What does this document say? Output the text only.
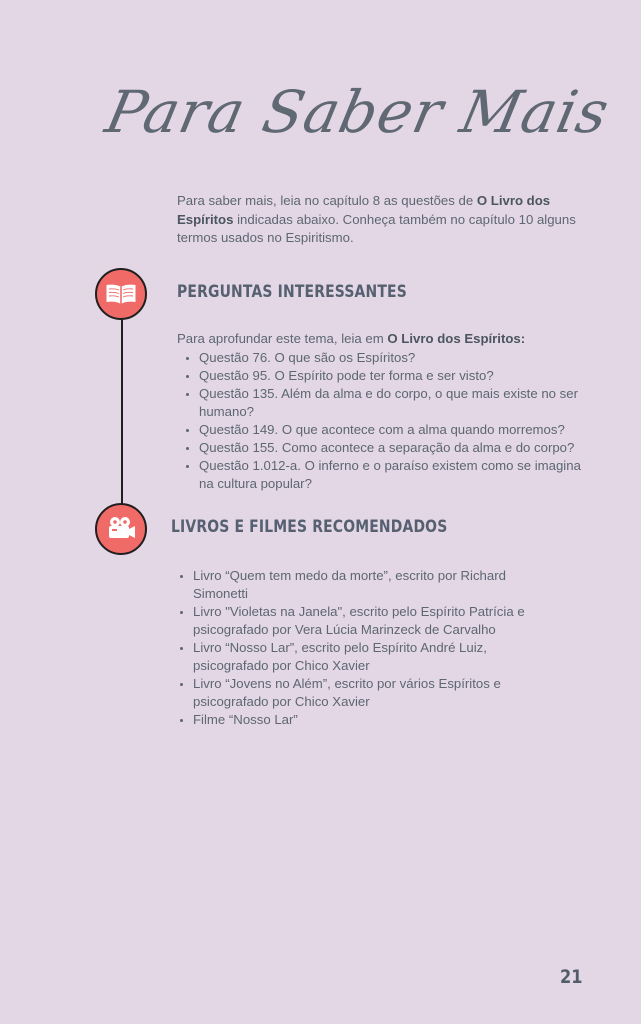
Para Saber Mais

Para saber mais, leia no capítulo 8 as questões de O Livro dos Espíritos indicadas abaixo. Conheça também no capítulo 10 alguns termos usados no Espiritismo.

PERGUNTAS INTERESSANTES

Para aprofundar este tema, leia em O Livro dos Espíritos:

• Questão 76. O que são os Espíritos?
• Questão 95. O Espírito pode ter forma e ser visto?
• Questão 135. Além da alma e do corpo, o que mais existe no ser humano?
• Questão 149. O que acontece com a alma quando morremos?
• Questão 155. Como acontece a separação da alma e do corpo?
• Questão 1.012-a. O inferno e o paraíso existem como se imagina na cultura popular?
LIVROS E FILMES RECOMENDADOS
• Livro “Quem tem medo da morte”, escrito por Richard Simonetti
• Livro "Violetas na Janela", escrito pelo Espírito Patrícia e psicografado por Vera Lúcia Marinzeck de Carvalho
• Livro “Nosso Lar”, escrito pelo Espírito André Luiz, psicografado por Chico Xavier
• Livro “Jovens no Além”, escrito por vários Espíritos e psicografado por Chico Xavier
• Filme “Nosso Lar”
21
